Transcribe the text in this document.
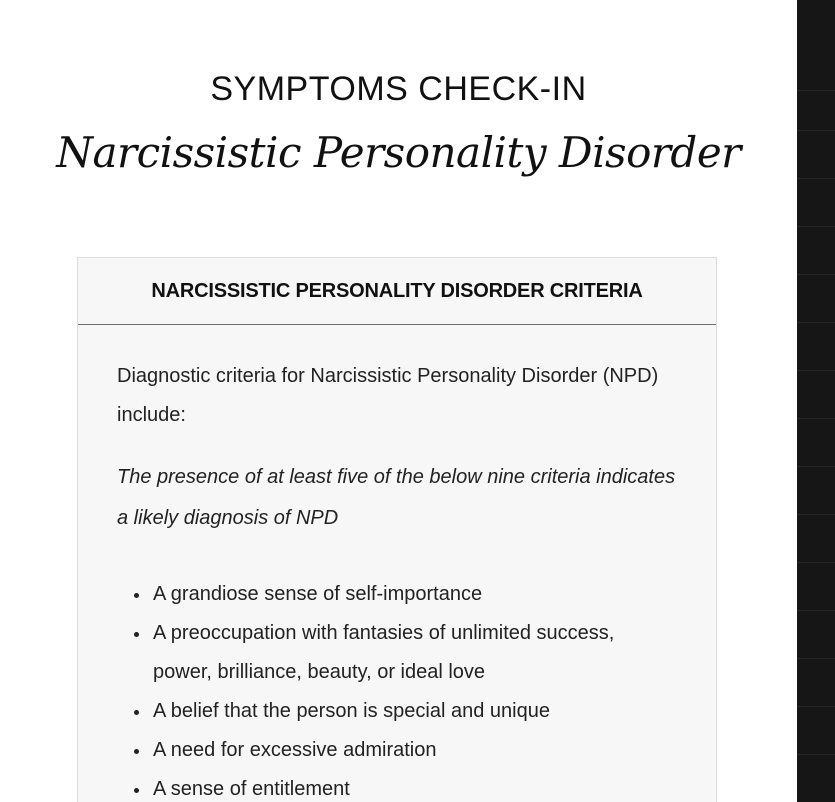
SYMPTOMS CHECK-IN
Narcissistic Personality Disorder
NARCISSISTIC PERSONALITY DISORDER CRITERIA

Diagnostic criteria for Narcissistic Personality Disorder (NPD) include:

The presence of at least five of the below nine criteria indicates a likely diagnosis of NPD

A grandiose sense of self-importance
A preoccupation with fantasies of unlimited success, power, brilliance, beauty, or ideal love
A belief that the person is special and unique
A need for excessive admiration
A sense of entitlement
